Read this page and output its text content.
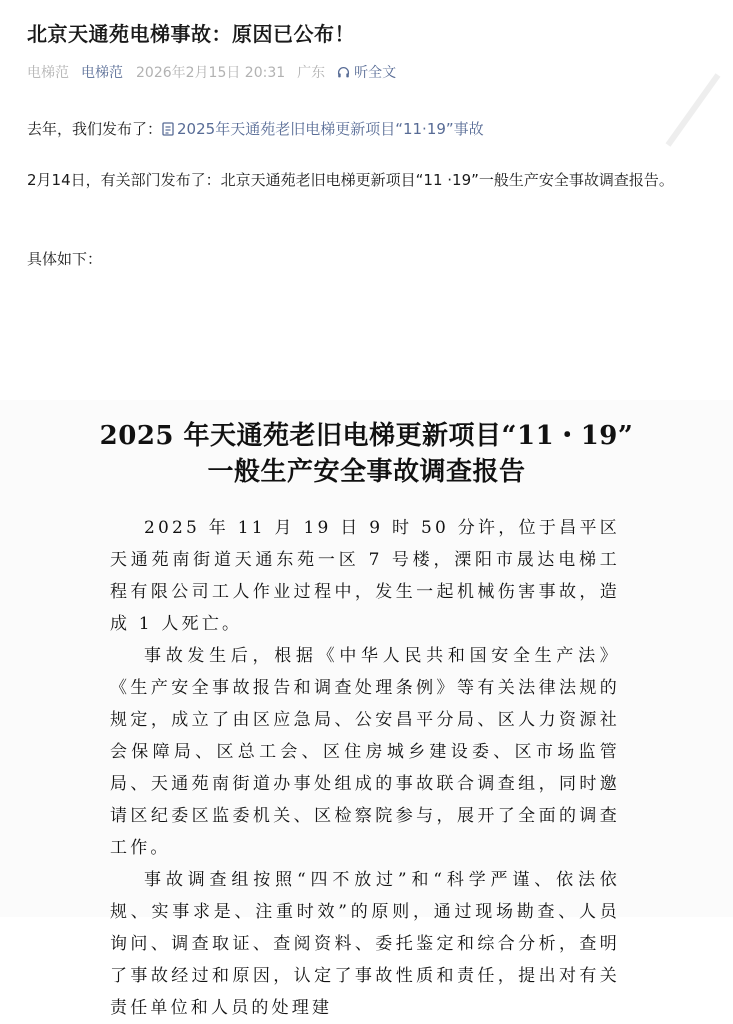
北京天通苑电梯事故：原因已公布！
电梯范 电梯范 2026年2月15日 20:31 广东 听全文

去年，我们发布了： 2025年天通苑老旧电梯更新项目“11·19”事故

2月14日，有关部门发布了：北京天通苑老旧电梯更新项目“11 ·19”一般生产安全事故调查报告。

具体如下：

2025 年天通苑老旧电梯更新项目“11・19”
一般生产安全事故调查报告

2025 年 11 月 19 日 9 时 50 分许，位于昌平区天通苑南街道天通东苑一区 7 号楼，溧阳市晟达电梯工程有限公司工人作业过程中，发生一起机械伤害事故，造成 1 人死亡。

事故发生后，根据《中华人民共和国安全生产法》《生产安全事故报告和调查处理条例》等有关法律法规的规定，成立了由区应急局、公安昌平分局、区人力资源社会保障局、区总工会、区住房城乡建设委、区市场监管局、天通苑南街道办事处组成的事故联合调查组，同时邀请区纪委区监委机关、区检察院参与，展开了全面的调查工作。

事故调查组按照“四不放过”和“科学严谨、依法依规、实事求是、注重时效”的原则，通过现场勘查、人员询问、调查取证、查阅资料、委托鉴定和综合分析，查明了事故经过和原因，认定了事故性质和责任，提出对有关责任单位和人员的处理建
